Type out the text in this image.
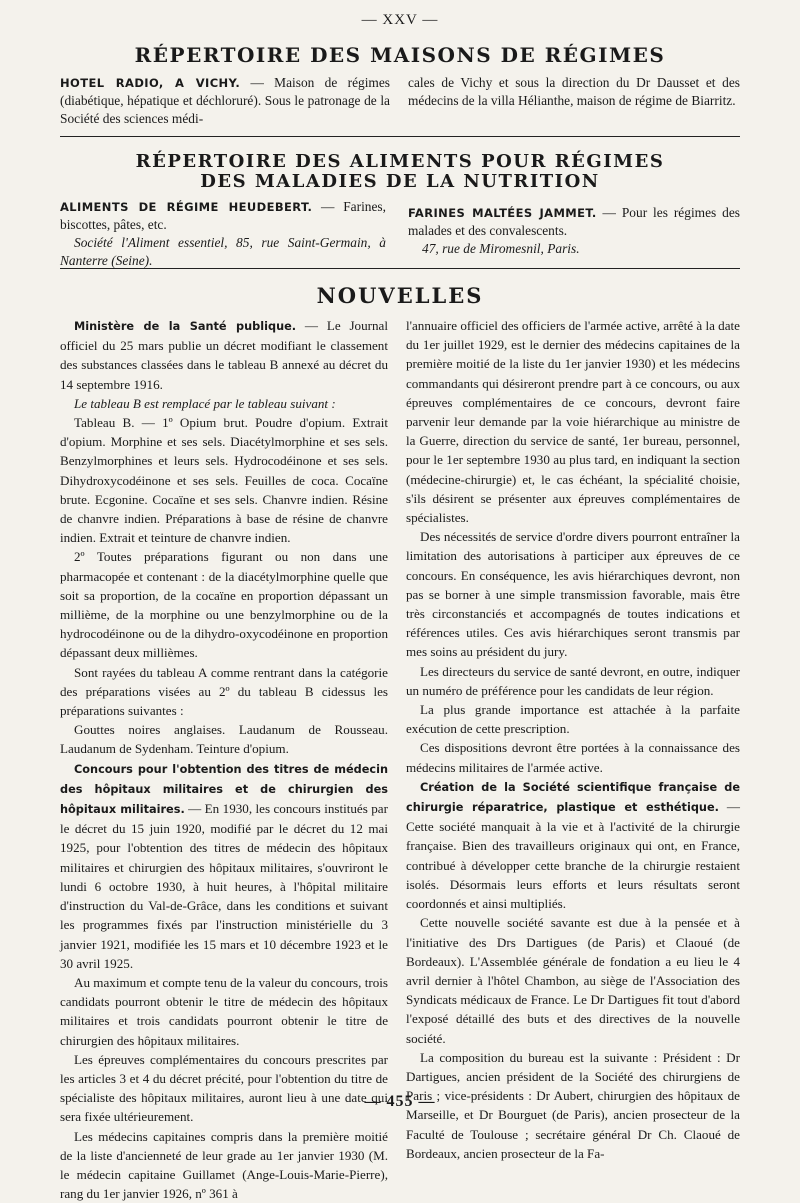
— XXV —
RÉPERTOIRE DES MAISONS DE RÉGIMES
HOTEL RADIO, A VICHY. — Maison de régimes (diabétique, hépatique et déchloruré). Sous le patronage de la Société des sciences médi-
cales de Vichy et sous la direction du Dr Dausset et des médecins de la villa Hélianthe, maison de régime de Biarritz.
RÉPERTOIRE DES ALIMENTS POUR RÉGIMES
DES MALADIES DE LA NUTRITION
ALIMENTS DE RÉGIME HEUDEBERT. — Farines, biscottes, pâtes, etc.
Société l'Aliment essentiel, 85, rue Saint-Germain, à Nanterre (Seine).
FARINES MALTÉES JAMMET. — Pour les régimes des malades et des convalescents.
47, rue de Miromesnil, Paris.
NOUVELLES

Ministère de la Santé publique. — Le Journal officiel du 25 mars publie un décret modifiant le classement des substances classées dans le tableau B annexé au décret du 14 septembre 1916.

Le tableau B est remplacé par le tableau suivant :

Tableau B. — 1º Opium brut. Poudre d'opium. Extrait d'opium. Morphine et ses sels. Diacétylmorphine et ses sels. Benzylmorphines et leurs sels. Hydrocodéinone et ses sels. Dihydroxycodéinone et ses sels. Feuilles de coca. Cocaïne brute. Ecgonine. Cocaïne et ses sels. Chanvre indien. Résine de chanvre indien. Préparations à base de résine de chanvre indien. Extrait et teinture de chanvre indien.

2º Toutes préparations figurant ou non dans une pharmacopée et contenant : de la diacétylmorphine quelle que soit sa proportion, de la cocaïne en proportion dépassant un millième, de la morphine ou une benzylmorphine ou de la hydrocodéinone ou de la dihydro-oxycodéinone en proportion dépassant deux millièmes.

Sont rayées du tableau A comme rentrant dans la catégorie des préparations visées au 2º du tableau B cidessus les préparations suivantes :

Gouttes noires anglaises. Laudanum de Rousseau. Laudanum de Sydenham. Teinture d'opium.

Concours pour l'obtention des titres de médecin des hôpitaux militaires et de chirurgien des hôpitaux militaires. — En 1930, les concours institués par le décret du 15 juin 1920, modifié par le décret du 12 mai 1925, pour l'obtention des titres de médecin des hôpitaux militaires et chirurgien des hôpitaux militaires, s'ouvriront le lundi 6 octobre 1930, à huit heures, à l'hôpital militaire d'instruction du Val-de-Grâce, dans les conditions et suivant les programmes fixés par l'instruction ministérielle du 3 janvier 1921, modifiée les 15 mars et 10 décembre 1923 et le 30 avril 1925.

Au maximum et compte tenu de la valeur du concours, trois candidats pourront obtenir le titre de médecin des hôpitaux militaires et trois candidats pourront obtenir le titre de chirurgien des hôpitaux militaires.

Les épreuves complémentaires du concours prescrites par les articles 3 et 4 du décret précité, pour l'obtention du titre de spécialiste des hôpitaux militaires, auront lieu à une date qui sera fixée ultérieurement.

Les médecins capitaines compris dans la première moitié de la liste d'ancienneté de leur grade au 1er janvier 1930 (M. le médecin capitaine Guillamet (Ange-Louis-Marie-Pierre), rang du 1er janvier 1926, nº 361 à

l'annuaire officiel des officiers de l'armée active, arrêté à la date du 1er juillet 1929, est le dernier des médecins capitaines de la première moitié de la liste du 1er janvier 1930) et les médecins commandants qui désireront prendre part à ce concours, ou aux épreuves complémentaires de ce concours, devront faire parvenir leur demande par la voie hiérarchique au ministre de la Guerre, direction du service de santé, 1er bureau, personnel, pour le 1er septembre 1930 au plus tard, en indiquant la section (médecine-chirurgie) et, le cas échéant, la spécialité choisie, s'ils désirent se présenter aux épreuves complémentaires de spécialistes.

Des nécessités de service d'ordre divers pourront entraîner la limitation des autorisations à participer aux épreuves de ce concours. En conséquence, les avis hiérarchiques devront, non pas se borner à une simple transmission favorable, mais être très circonstanciés et accompagnés de toutes indications et références utiles. Ces avis hiérarchiques seront transmis par mes soins au président du jury.

Les directeurs du service de santé devront, en outre, indiquer un numéro de préférence pour les candidats de leur région.

La plus grande importance est attachée à la parfaite exécution de cette prescription.

Ces dispositions devront être portées à la connaissance des médecins militaires de l'armée active.

Création de la Société scientifique française de chirurgie réparatrice, plastique et esthétique. — Cette société manquait à la vie et à l'activité de la chirurgie française. Bien des travailleurs originaux qui ont, en France, contribué à développer cette branche de la chirurgie restaient isolés. Désormais leurs efforts et leurs résultats seront coordonnés et ainsi multipliés.

Cette nouvelle société savante est due à la pensée et à l'initiative des Drs Dartigues (de Paris) et Claoué (de Bordeaux). L'Assemblée générale de fondation a eu lieu le 4 avril dernier à l'hôtel Chambon, au siège de l'Association des Syndicats médicaux de France. Le Dr Dartigues fit tout d'abord l'exposé détaillé des buts et des directives de la nouvelle société.

La composition du bureau est la suivante : Président : Dr Dartigues, ancien président de la Société des chirurgiens de Paris ; vice-présidents : Dr Aubert, chirurgien des hôpitaux de Marseille, et Dr Bourguet (de Paris), ancien prosecteur de la Faculté de Toulouse ; secrétaire général Dr Ch. Claoué de Bordeaux, ancien prosecteur de la Fa-

— 455 —
